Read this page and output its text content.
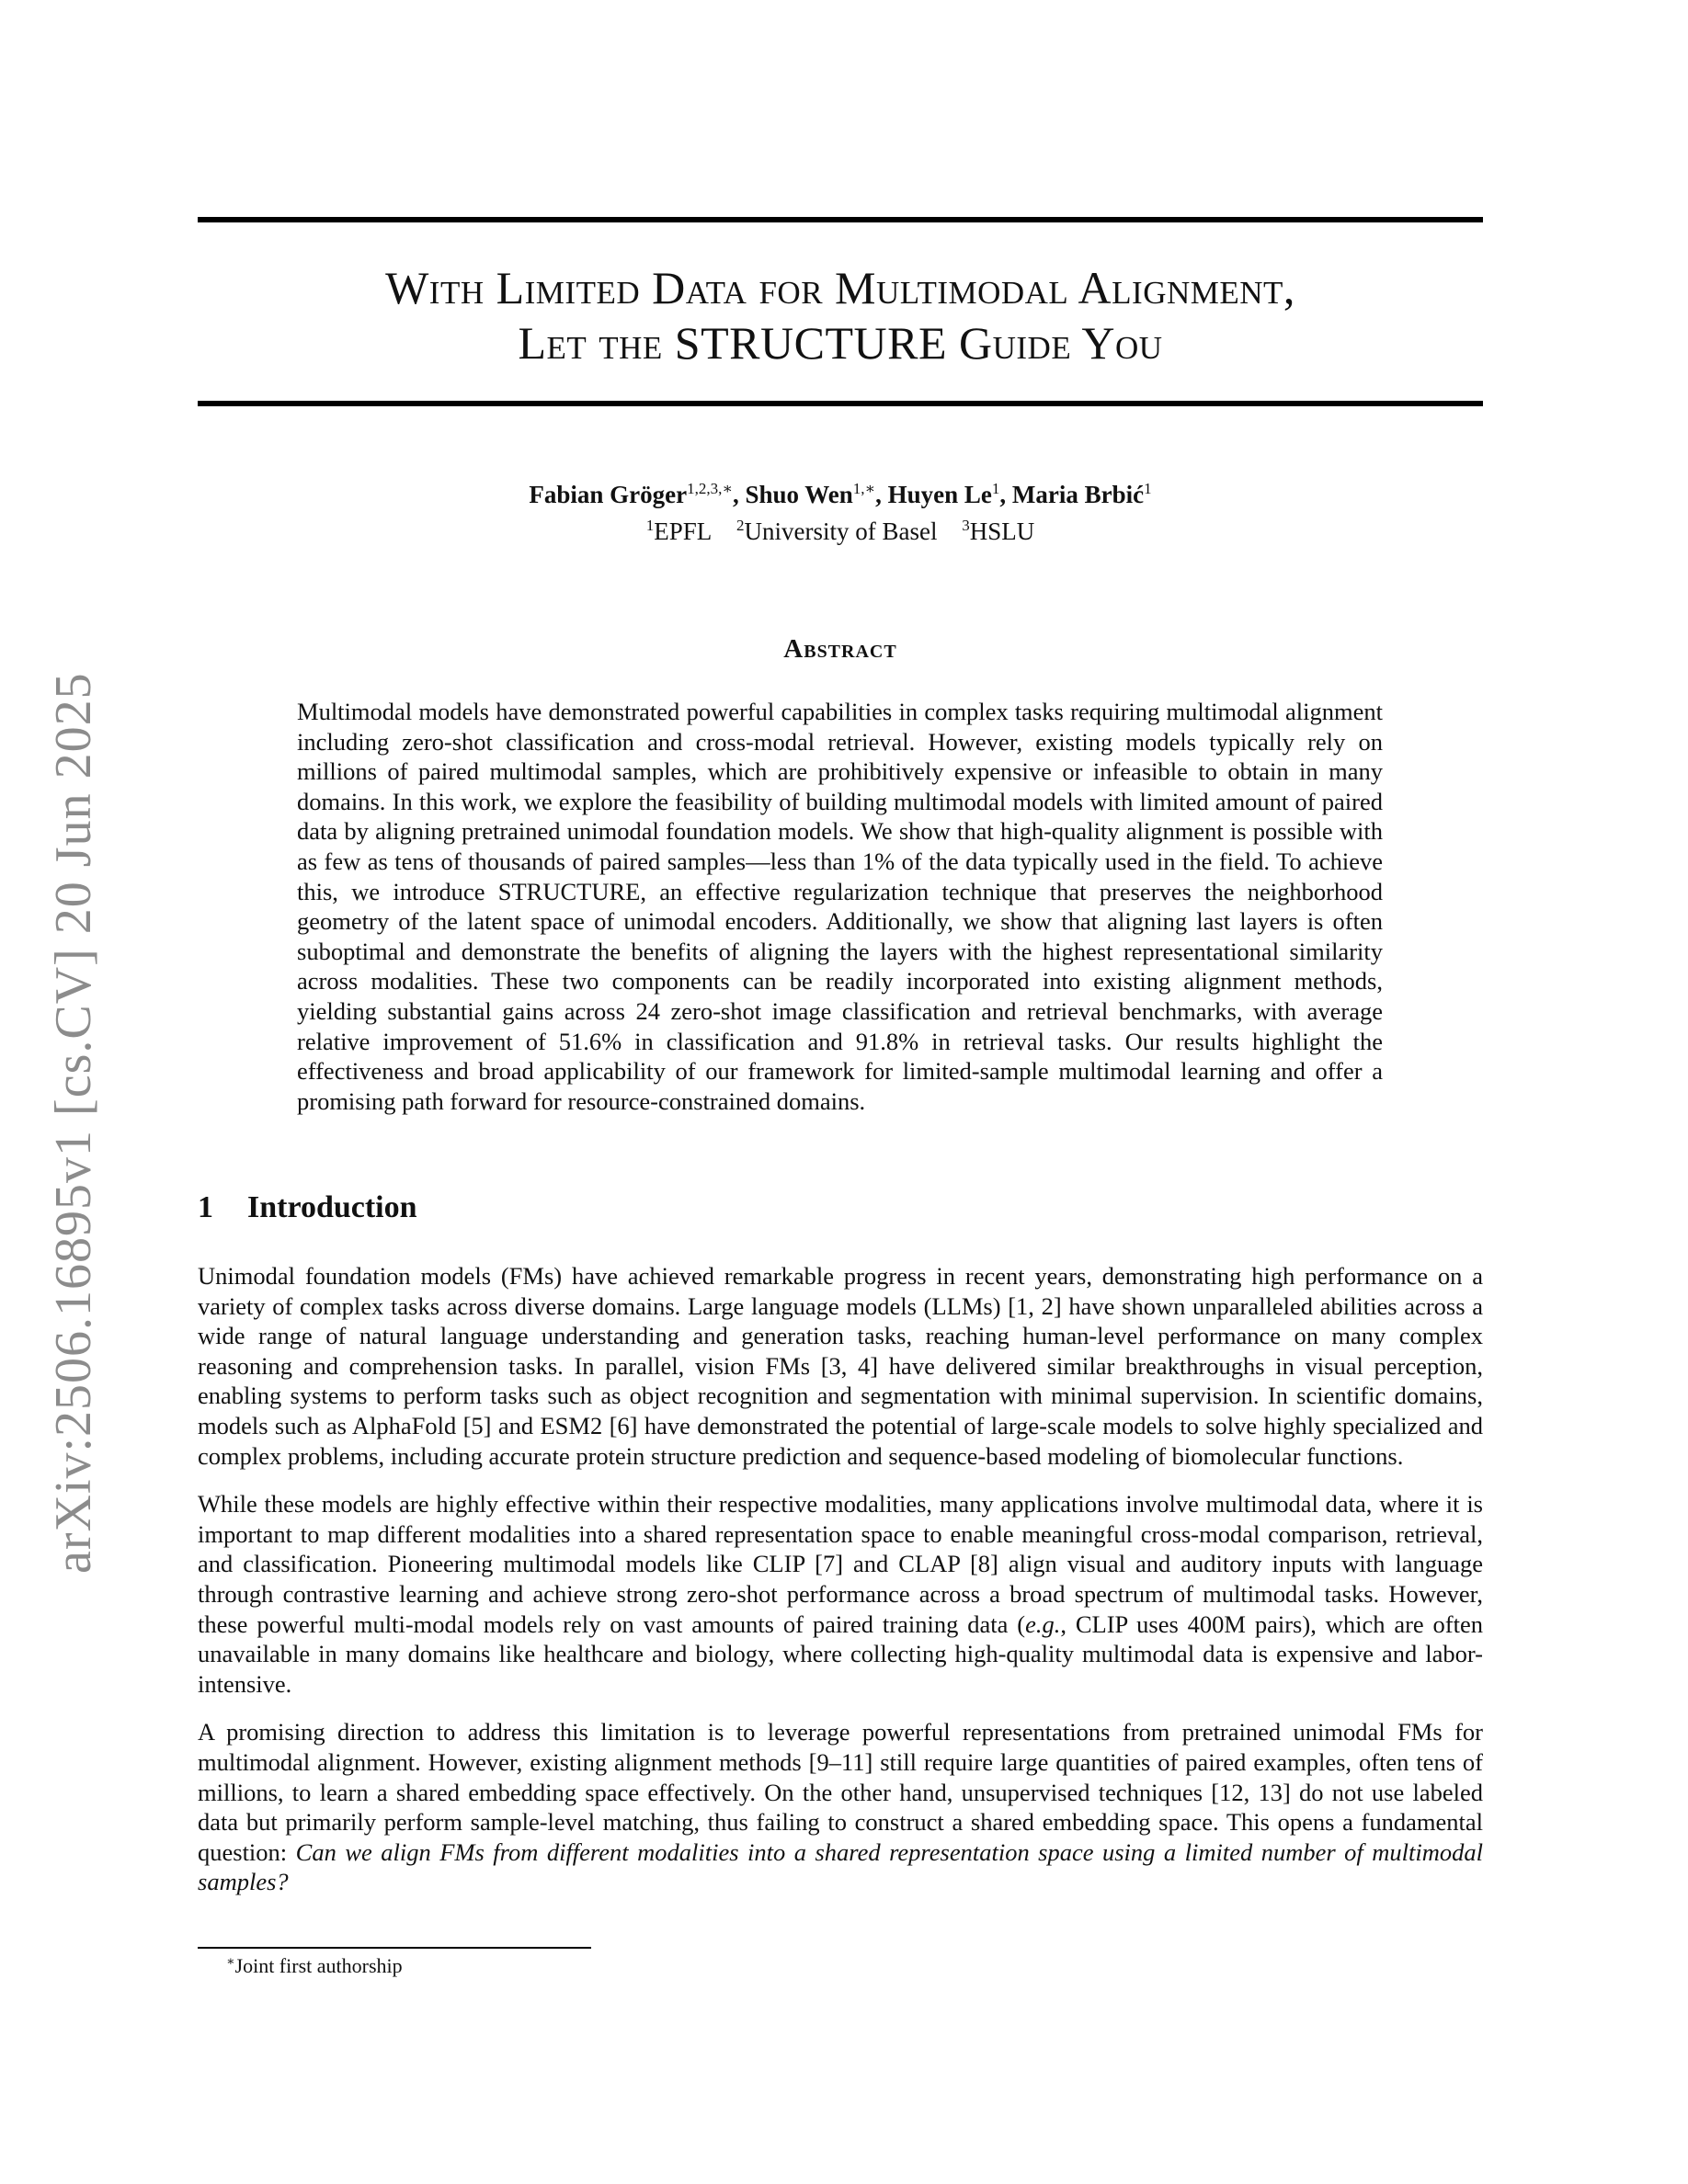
arXiv:2506.16895v1 [cs.CV] 20 Jun 2025
With Limited Data for Multimodal Alignment,
Let the STRUCTURE Guide You
Fabian Gröger$^{1,2,3,∗}$, Shuo Wen$^{1,∗}$, Huyen Le$^1$, Maria Brbić$^1$
$^1$EPFL $^2$University of Basel $^3$HSLU
Abstract

Multimodal models have demonstrated powerful capabilities in complex tasks requiring multimodal alignment including zero-shot classification and cross-modal retrieval. However, existing models typically rely on millions of paired multimodal samples, which are prohibitively expensive or infeasible to obtain in many domains. In this work, we explore the feasibility of building multimodal models with limited amount of paired data by aligning pretrained unimodal foundation models. We show that high-quality alignment is possible with as few as tens of thousands of paired samples—less than 1% of the data typically used in the field. To achieve this, we introduce STRUCTURE, an effective regularization technique that preserves the neighborhood geometry of the latent space of unimodal encoders. Additionally, we show that aligning last layers is often suboptimal and demonstrate the benefits of aligning the layers with the highest representational similarity across modalities. These two components can be readily incorporated into existing alignment methods, yielding substantial gains across 24 zero-shot image classification and retrieval benchmarks, with average relative improvement of 51.6% in classification and 91.8% in retrieval tasks. Our results highlight the effectiveness and broad applicability of our framework for limited-sample multimodal learning and offer a promising path forward for resource-constrained domains.

1 Introduction

Unimodal foundation models (FMs) have achieved remarkable progress in recent years, demonstrating high performance on a variety of complex tasks across diverse domains. Large language models (LLMs) [1, 2] have shown unparalleled abilities across a wide range of natural language understanding and generation tasks, reaching human-level performance on many complex reasoning and comprehension tasks. In parallel, vision FMs [3, 4] have delivered similar breakthroughs in visual perception, enabling systems to perform tasks such as object recognition and segmentation with minimal supervision. In scientific domains, models such as AlphaFold [5] and ESM2 [6] have demonstrated the potential of large-scale models to solve highly specialized and complex problems, including accurate protein structure prediction and sequence-based modeling of biomolecular functions.

While these models are highly effective within their respective modalities, many applications involve multimodal data, where it is important to map different modalities into a shared representation space to enable meaningful cross-modal comparison, retrieval, and classification. Pioneering multimodal models like CLIP [7] and CLAP [8] align visual and auditory inputs with language through contrastive learning and achieve strong zero-shot performance across a broad spectrum of multimodal tasks. However, these powerful multi-modal models rely on vast amounts of paired training data (e.g., CLIP uses 400M pairs), which are often unavailable in many domains like healthcare and biology, where collecting high-quality multimodal data is expensive and labor-intensive.

A promising direction to address this limitation is to leverage powerful representations from pretrained unimodal FMs for multimodal alignment. However, existing alignment methods [9–11] still require large quantities of paired examples, often tens of millions, to learn a shared embedding space effectively. On the other hand, unsupervised techniques [12, 13] do not use labeled data but primarily perform sample-level matching, thus failing to construct a shared embedding space. This opens a fundamental question: Can we align FMs from different modalities into a shared representation space using a limited number of multimodal samples?

∗Joint first authorship
